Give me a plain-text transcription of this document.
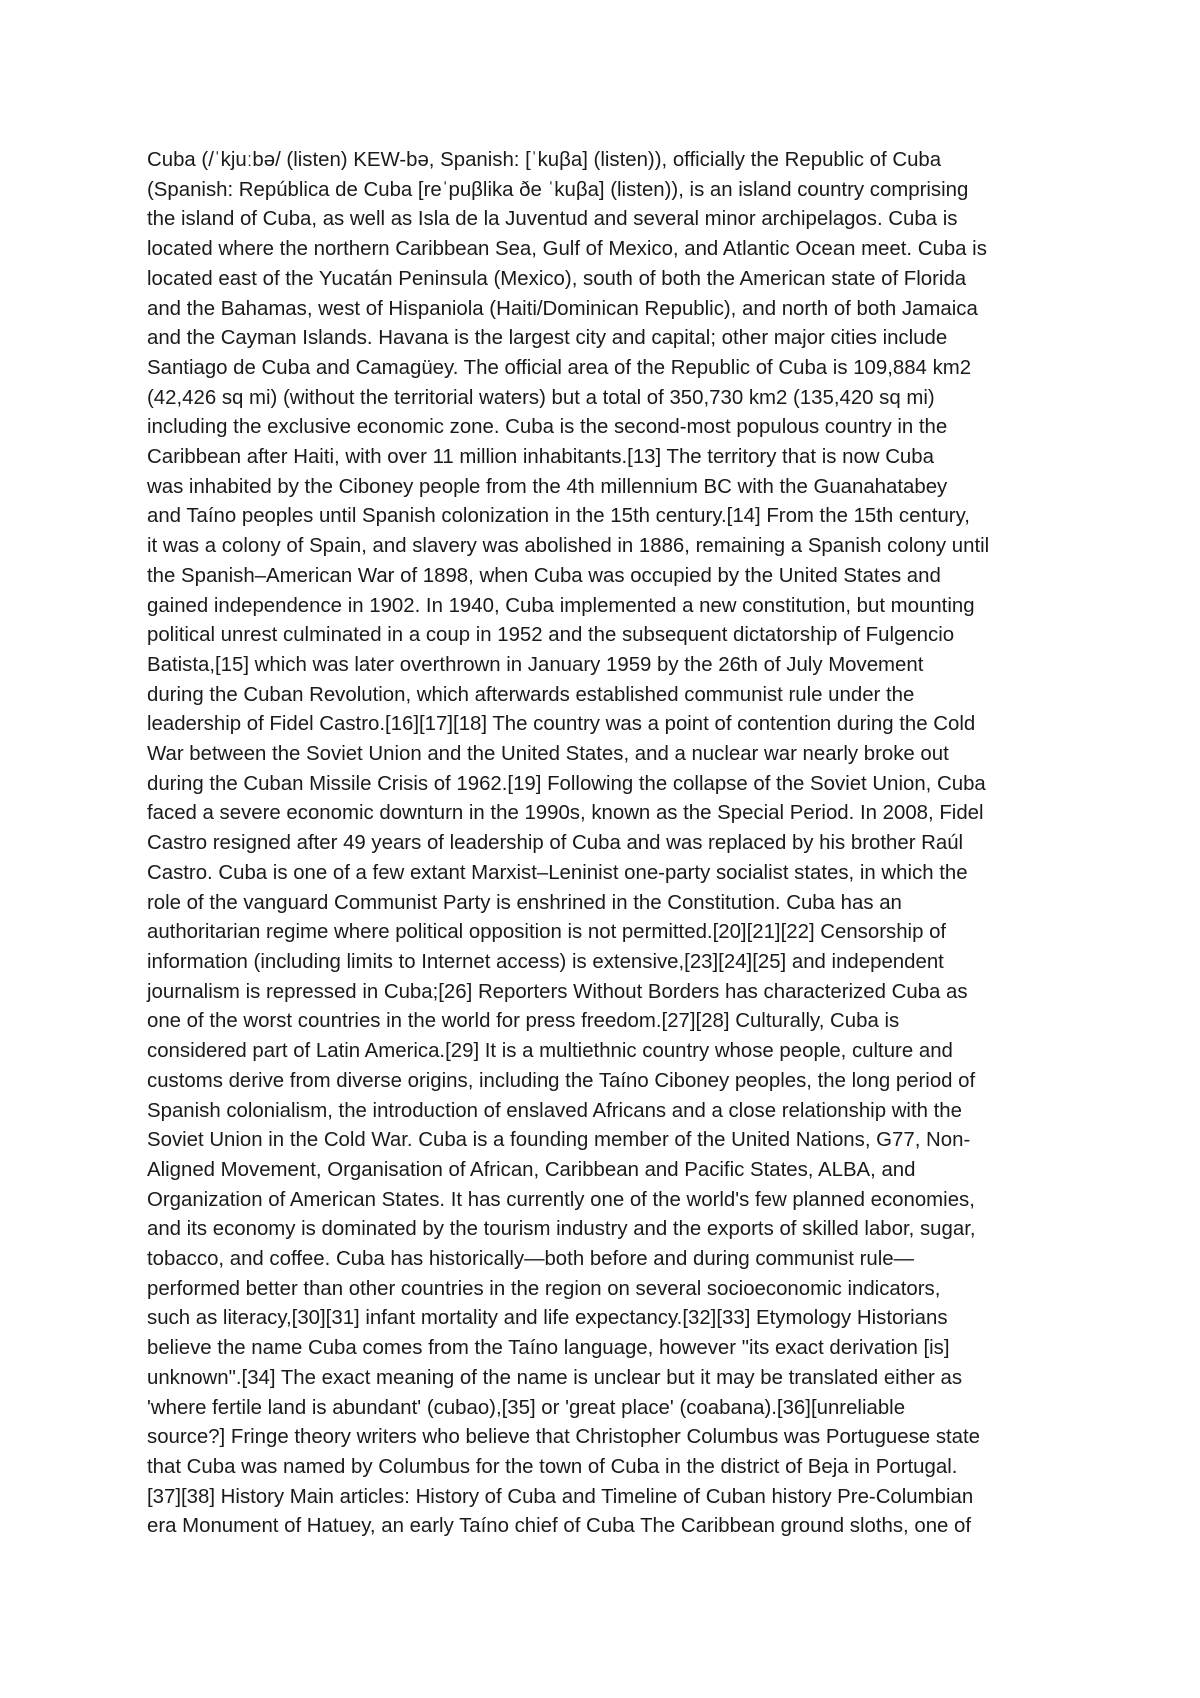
Cuba (/ˈkjuːbə/ (listen) KEW-bə, Spanish: [ˈkuβa] (listen)), officially the Republic of Cuba
(Spanish: República de Cuba [reˈpuβlika ðe ˈkuβa] (listen)), is an island country comprising
the island of Cuba, as well as Isla de la Juventud and several minor archipelagos. Cuba is
located where the northern Caribbean Sea, Gulf of Mexico, and Atlantic Ocean meet. Cuba is
located east of the Yucatán Peninsula (Mexico), south of both the American state of Florida
and the Bahamas, west of Hispaniola (Haiti/Dominican Republic), and north of both Jamaica
and the Cayman Islands. Havana is the largest city and capital; other major cities include
Santiago de Cuba and Camagüey. The official area of the Republic of Cuba is 109,884 km2
(42,426 sq mi) (without the territorial waters) but a total of 350,730 km2 (135,420 sq mi)
including the exclusive economic zone. Cuba is the second-most populous country in the
Caribbean after Haiti, with over 11 million inhabitants.[13] The territory that is now Cuba
was inhabited by the Ciboney people from the 4th millennium BC with the Guanahatabey
and Taíno peoples until Spanish colonization in the 15th century.[14] From the 15th century,
it was a colony of Spain, and slavery was abolished in 1886, remaining a Spanish colony until
the Spanish–American War of 1898, when Cuba was occupied by the United States and
gained independence in 1902. In 1940, Cuba implemented a new constitution, but mounting
political unrest culminated in a coup in 1952 and the subsequent dictatorship of Fulgencio
Batista,[15] which was later overthrown in January 1959 by the 26th of July Movement
during the Cuban Revolution, which afterwards established communist rule under the
leadership of Fidel Castro.[16][17][18] The country was a point of contention during the Cold
War between the Soviet Union and the United States, and a nuclear war nearly broke out
during the Cuban Missile Crisis of 1962.[19] Following the collapse of the Soviet Union, Cuba
faced a severe economic downturn in the 1990s, known as the Special Period. In 2008, Fidel
Castro resigned after 49 years of leadership of Cuba and was replaced by his brother Raúl
Castro. Cuba is one of a few extant Marxist–Leninist one-party socialist states, in which the
role of the vanguard Communist Party is enshrined in the Constitution. Cuba has an
authoritarian regime where political opposition is not permitted.[20][21][22] Censorship of
information (including limits to Internet access) is extensive,[23][24][25] and independent
journalism is repressed in Cuba;[26] Reporters Without Borders has characterized Cuba as
one of the worst countries in the world for press freedom.[27][28] Culturally, Cuba is
considered part of Latin America.[29] It is a multiethnic country whose people, culture and
customs derive from diverse origins, including the Taíno Ciboney peoples, the long period of
Spanish colonialism, the introduction of enslaved Africans and a close relationship with the
Soviet Union in the Cold War. Cuba is a founding member of the United Nations, G77, Non-
Aligned Movement, Organisation of African, Caribbean and Pacific States, ALBA, and
Organization of American States. It has currently one of the world's few planned economies,
and its economy is dominated by the tourism industry and the exports of skilled labor, sugar,
tobacco, and coffee. Cuba has historically—both before and during communist rule—
performed better than other countries in the region on several socioeconomic indicators,
such as literacy,[30][31] infant mortality and life expectancy.[32][33] Etymology Historians
believe the name Cuba comes from the Taíno language, however "its exact derivation [is]
unknown".[34] The exact meaning of the name is unclear but it may be translated either as
'where fertile land is abundant' (cubao),[35] or 'great place' (coabana).[36][unreliable
source?] Fringe theory writers who believe that Christopher Columbus was Portuguese state
that Cuba was named by Columbus for the town of Cuba in the district of Beja in Portugal.
[37][38] History Main articles: History of Cuba and Timeline of Cuban history Pre-Columbian
era Monument of Hatuey, an early Taíno chief of Cuba The Caribbean ground sloths, one of
